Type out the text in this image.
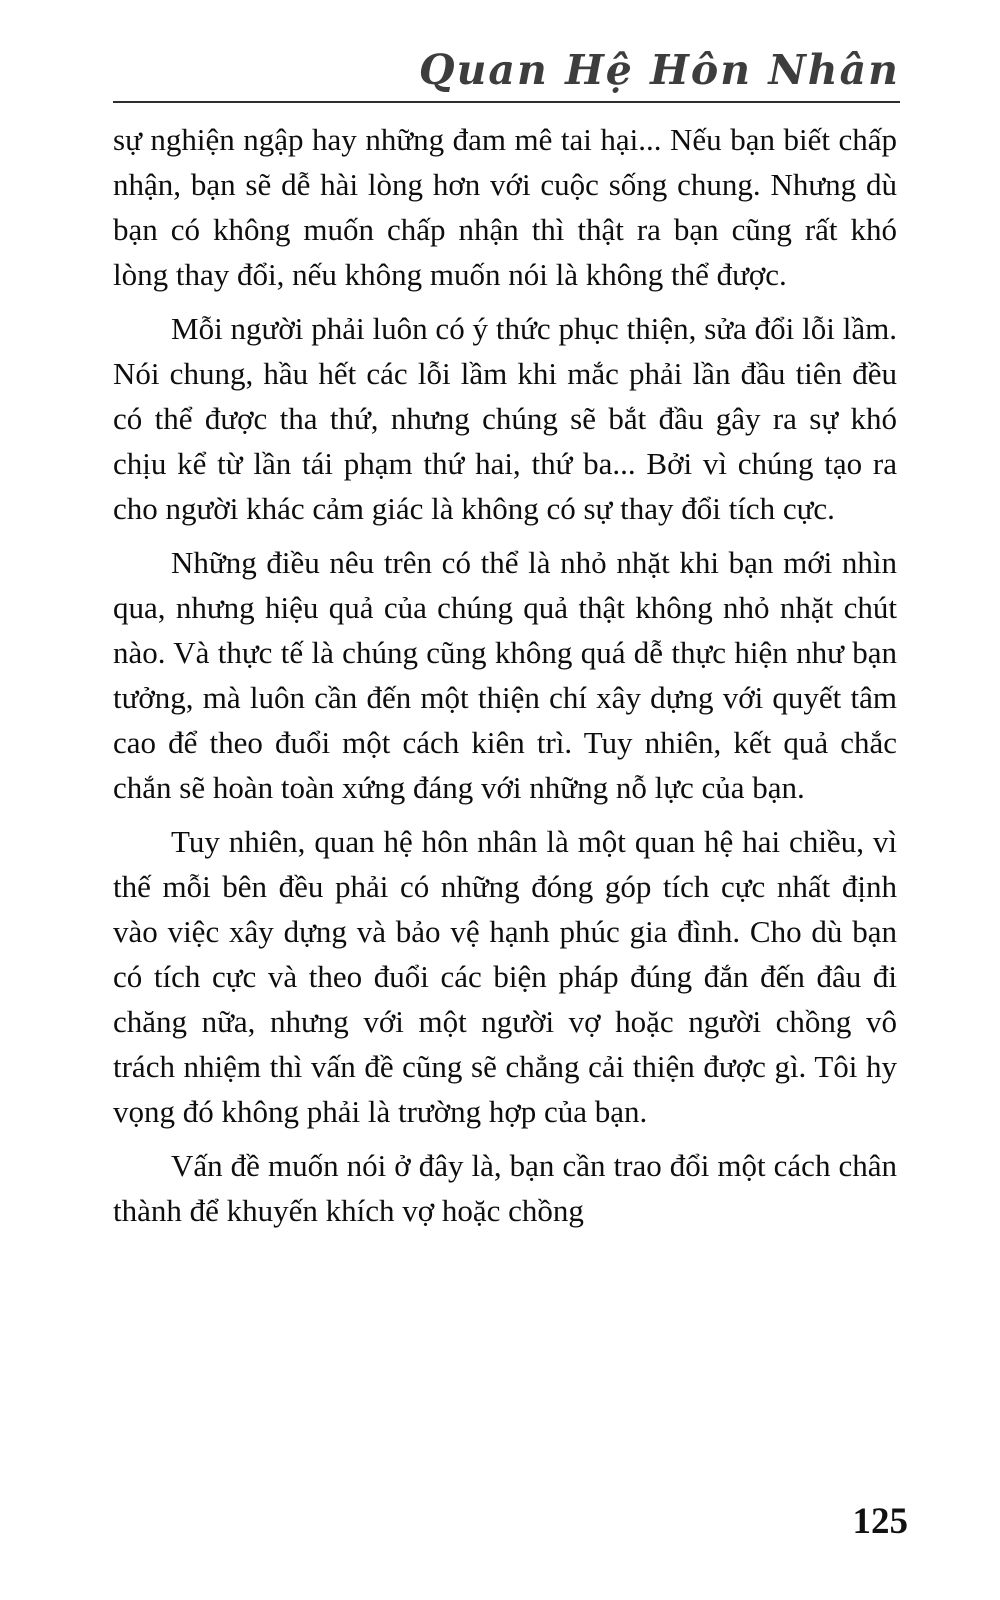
Quan Hệ Hôn Nhân

sự nghiện ngập hay những đam mê tai hại... Nếu bạn biết chấp nhận, bạn sẽ dễ hài lòng hơn với cuộc sống chung. Nhưng dù bạn có không muốn chấp nhận thì thật ra bạn cũng rất khó lòng thay đổi, nếu không muốn nói là không thể được.

Mỗi người phải luôn có ý thức phục thiện, sửa đổi lỗi lầm. Nói chung, hầu hết các lỗi lầm khi mắc phải lần đầu tiên đều có thể được tha thứ, nhưng chúng sẽ bắt đầu gây ra sự khó chịu kể từ lần tái phạm thứ hai, thứ ba... Bởi vì chúng tạo ra cho người khác cảm giác là không có sự thay đổi tích cực.

Những điều nêu trên có thể là nhỏ nhặt khi bạn mới nhìn qua, nhưng hiệu quả của chúng quả thật không nhỏ nhặt chút nào. Và thực tế là chúng cũng không quá dễ thực hiện như bạn tưởng, mà luôn cần đến một thiện chí xây dựng với quyết tâm cao để theo đuổi một cách kiên trì. Tuy nhiên, kết quả chắc chắn sẽ hoàn toàn xứng đáng với những nỗ lực của bạn.

Tuy nhiên, quan hệ hôn nhân là một quan hệ hai chiều, vì thế mỗi bên đều phải có những đóng góp tích cực nhất định vào việc xây dựng và bảo vệ hạnh phúc gia đình. Cho dù bạn có tích cực và theo đuổi các biện pháp đúng đắn đến đâu đi chăng nữa, nhưng với một người vợ hoặc người chồng vô trách nhiệm thì vấn đề cũng sẽ chẳng cải thiện được gì. Tôi hy vọng đó không phải là trường hợp của bạn.

Vấn đề muốn nói ở đây là, bạn cần trao đổi một cách chân thành để khuyến khích vợ hoặc chồng

125
